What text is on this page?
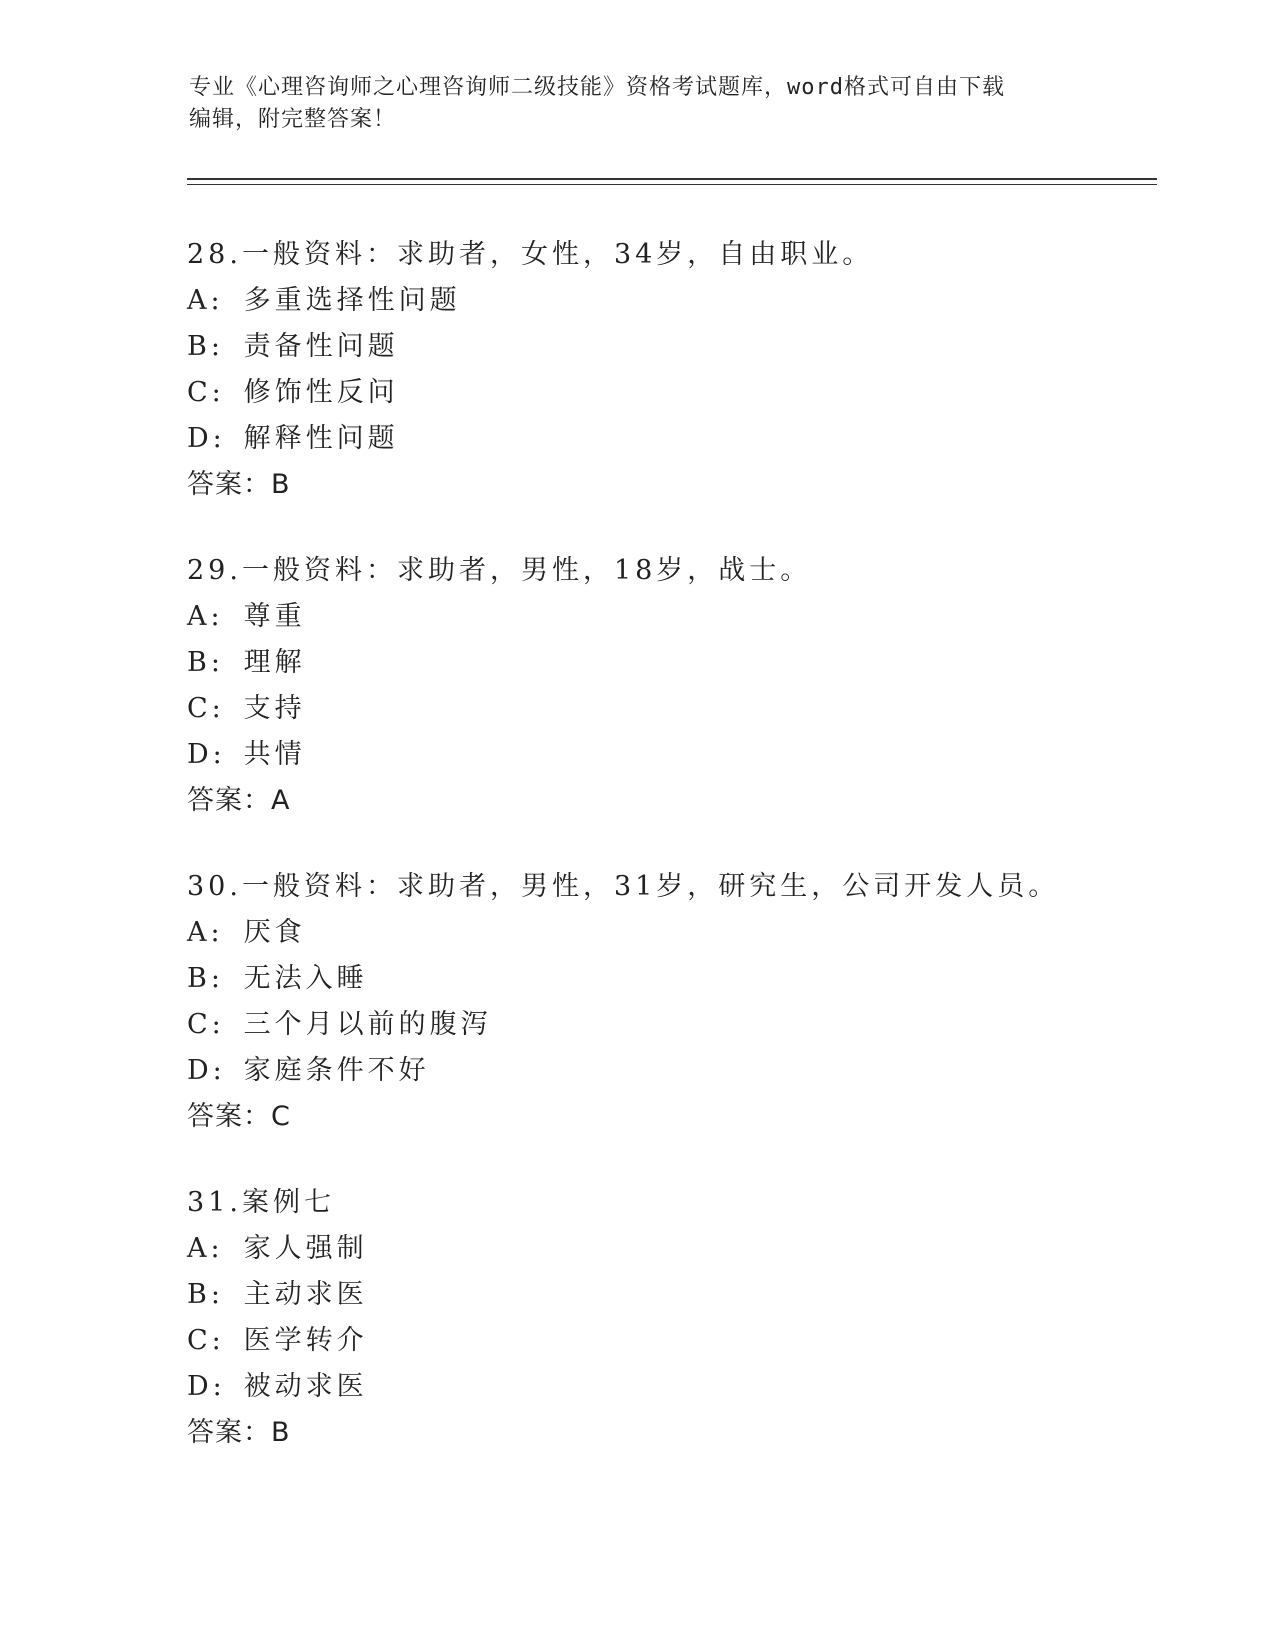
专业《心理咨询师之心理咨询师二级技能》资格考试题库，word格式可自由下载
编辑，附完整答案！
28.一般资料：求助者，女性，34岁，自由职业。
A: 多重选择性问题
B: 责备性问题
C: 修饰性反问
D: 解释性问题
答案：B
29.一般资料：求助者，男性，18岁，战士。
A: 尊重
B: 理解
C: 支持
D: 共情
答案：A
30.一般资料：求助者，男性，31岁，研究生，公司开发人员。
A: 厌食
B: 无法入睡
C: 三个月以前的腹泻
D: 家庭条件不好
答案：C
31.案例七
A: 家人强制
B: 主动求医
C: 医学转介
D: 被动求医
答案：B
